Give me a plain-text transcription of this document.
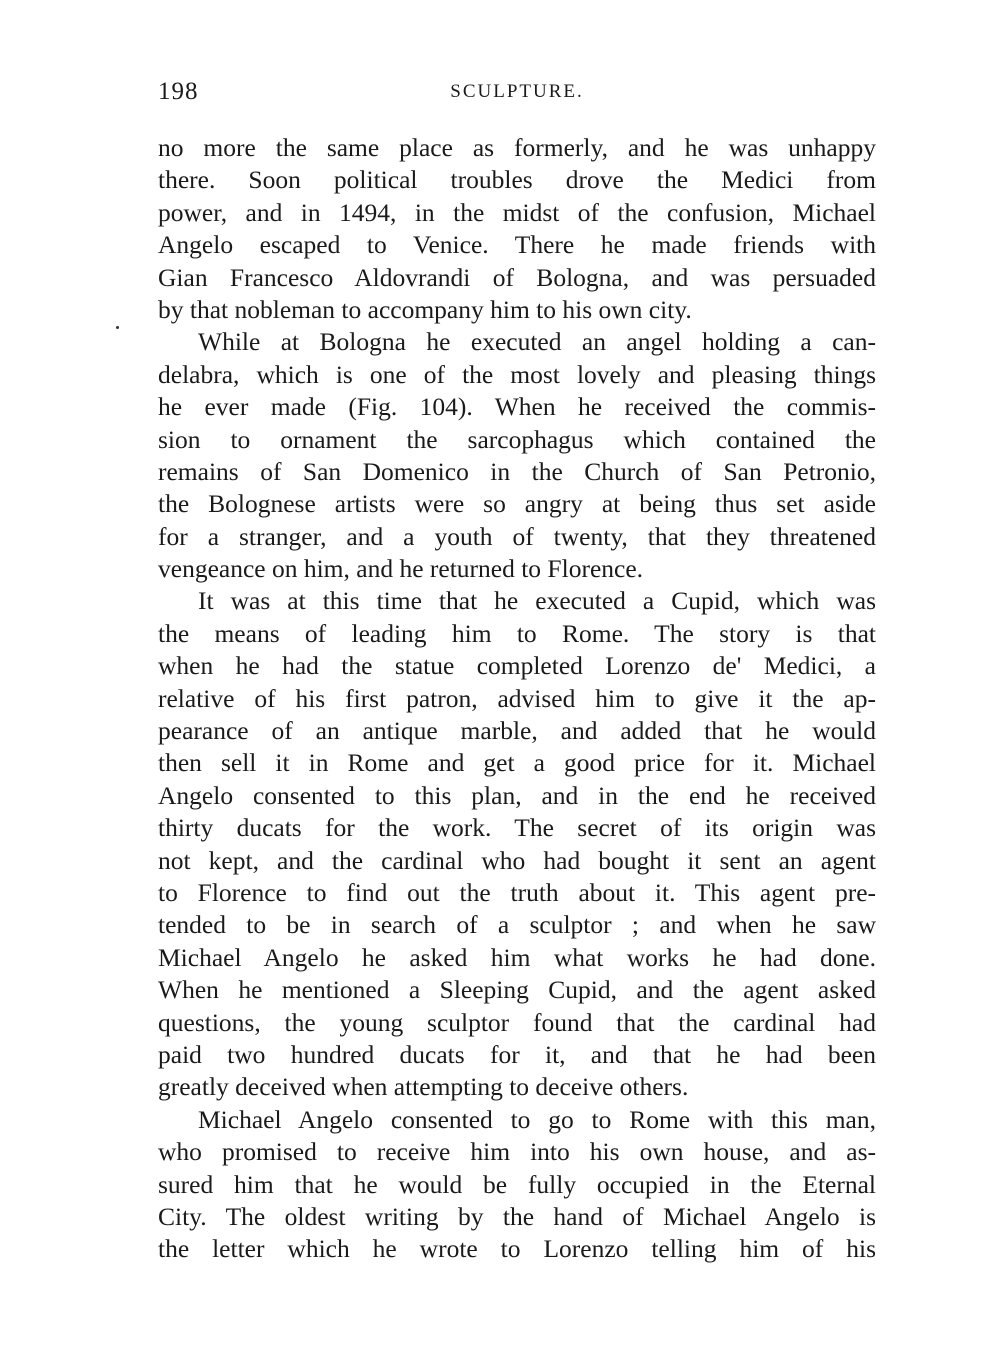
198	SCULPTURE.
no more the same place as formerly, and he was unhappy
there. Soon political troubles drove the Medici from
power, and in 1494, in the midst of the confusion, Michael
Angelo escaped to Venice. There he made friends with
Gian Francesco Aldovrandi of Bologna, and was persuaded
by that nobleman to accompany him to his own city.
While at Bologna he executed an angel holding a can-
delabra, which is one of the most lovely and pleasing things
he ever made (Fig. 104). When he received the commis-
sion to ornament the sarcophagus which contained the
remains of San Domenico in the Church of San Petronio,
the Bolognese artists were so angry at being thus set aside
for a stranger, and a youth of twenty, that they threatened
vengeance on him, and he returned to Florence.
It was at this time that he executed a Cupid, which was
the means of leading him to Rome. The story is that
when he had the statue completed Lorenzo de' Medici, a
relative of his first patron, advised him to give it the ap-
pearance of an antique marble, and added that he would
then sell it in Rome and get a good price for it. Michael
Angelo consented to this plan, and in the end he received
thirty ducats for the work. The secret of its origin was
not kept, and the cardinal who had bought it sent an agent
to Florence to find out the truth about it. This agent pre-
tended to be in search of a sculptor ; and when he saw
Michael Angelo he asked him what works he had done.
When he mentioned a Sleeping Cupid, and the agent asked
questions, the young sculptor found that the cardinal had
paid two hundred ducats for it, and that he had been
greatly deceived when attempting to deceive others.
Michael Angelo consented to go to Rome with this man,
who promised to receive him into his own house, and as-
sured him that he would be fully occupied in the Eternal
City. The oldest writing by the hand of Michael Angelo is
the letter which he wrote to Lorenzo telling him of his
